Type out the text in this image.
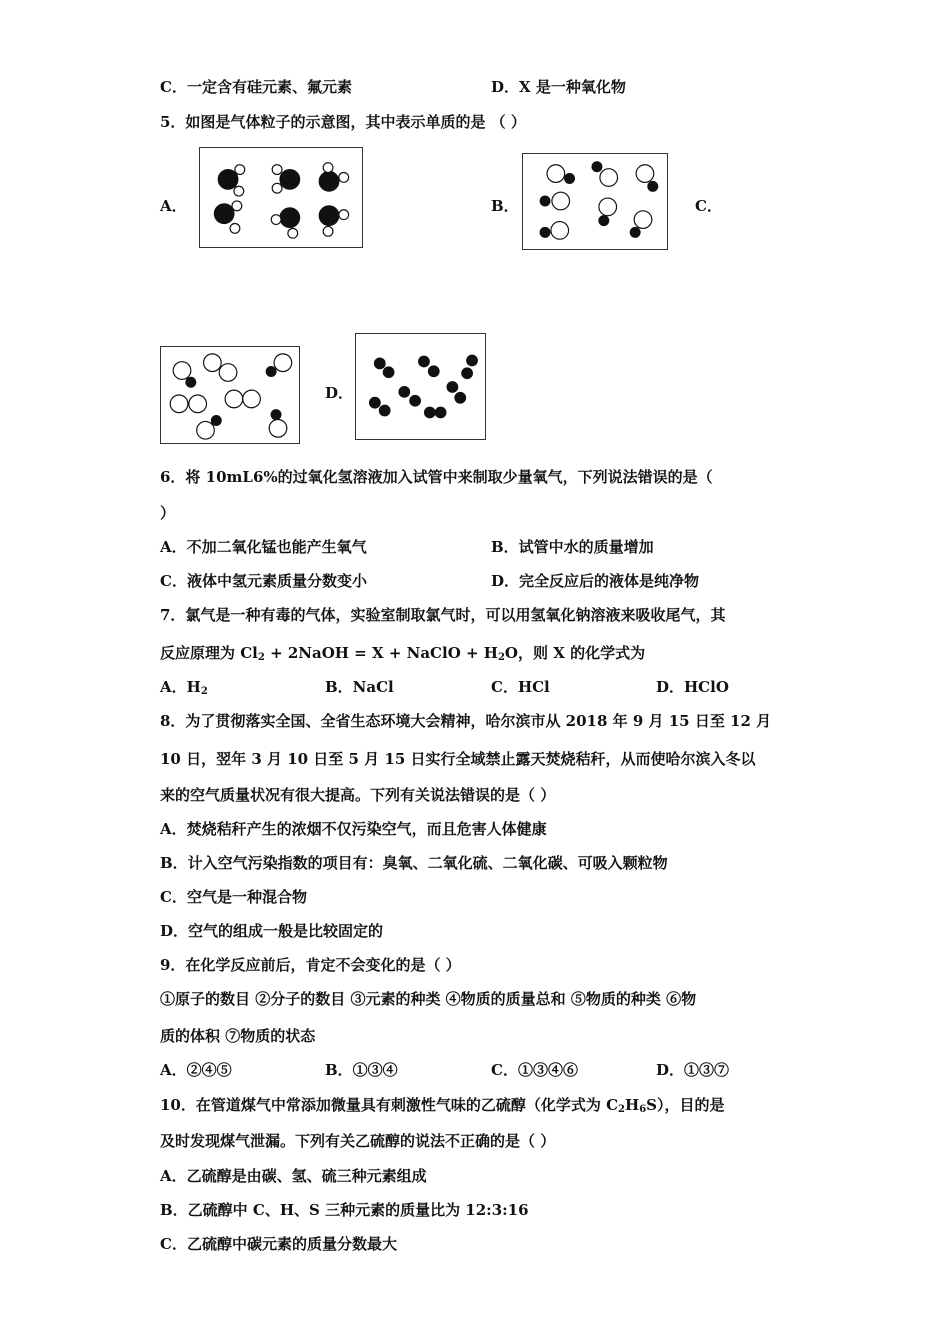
C．一定含有硅元素、氟元素	D．X 是一种氧化物
5．如图是气体粒子的示意图，其中表示单质的是 （ ）
A．	B．	C．
D．
6．将 10mL6%的过氧化氢溶液加入试管中来制取少量氧气，下列说法错误的是（
）
A．不加二氧化锰也能产生氧气	B．试管中水的质量增加
C．液体中氢元素质量分数变小	D．完全反应后的液体是纯净物
7．氯气是一种有毒的气体，实验室制取氯气时，可以用氢氧化钠溶液来吸收尾气，其
反应原理为 $Cl_2$ + 2NaOH = X + NaClO + $H_2O$，则 X 的化学式为
A．$H_2$	B．NaCl	C．HCl	D．HClO
8．为了贯彻落实全国、全省生态环境大会精神，哈尔滨市从 2018 年 9 月 15 日至 12 月
10 日，翌年 3 月 10 日至 5 月 15 日实行全域禁止露天焚烧秸秆，从而使哈尔滨入冬以
来的空气质量状况有很大提高。下列有关说法错误的是（ ）
A．焚烧秸秆产生的浓烟不仅污染空气，而且危害人体健康
B．计入空气污染指数的项目有：臭氧、二氧化硫、二氧化碳、可吸入颗粒物
C．空气是一种混合物
D．空气的组成一般是比较固定的
9．在化学反应前后，肯定不会变化的是（ ）
①原子的数目 ②分子的数目 ③元素的种类 ④物质的质量总和 ⑤物质的种类 ⑥物
质的体积 ⑦物质的状态
A．②④⑤	B．①③④	C．①③④⑥	D．①③⑦
10．在管道煤气中常添加微量具有刺激性气味的乙硫醇（化学式为 $C_2H_6S$），目的是
及时发现煤气泄漏。下列有关乙硫醇的说法不正确的是（ ）
A．乙硫醇是由碳、氢、硫三种元素组成
B．乙硫醇中 C、H、S 三种元素的质量比为 12:3:16
C．乙硫醇中碳元素的质量分数最大
